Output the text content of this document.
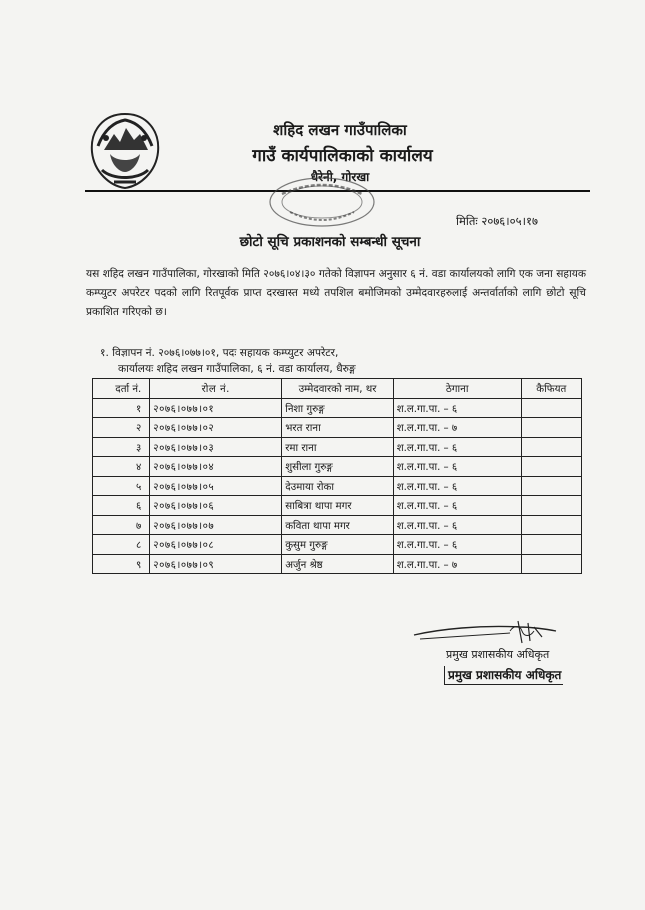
शहिद लखन गाउँपालिका
गाउँ कार्यपालिकाको कार्यालय
धैरेनी, गोरखा
मितिः २०७६।०५।१७
छोटो सूचि प्रकाशनको सम्बन्धी सूचना
यस शहिद लखन गाउँपालिका, गोरखाको मिति २०७६।०४।३० गतेको विज्ञापन अनुसार ६ नं. वडा कार्यालयको लागि एक जना सहायक कम्प्युटर अपरेटर पदको लागि रितपूर्वक प्राप्त दरखास्त मध्ये तपशिल बमोजिमको उम्मेदवारहरुलाई अन्तर्वार्ताको लागि छोटो सूचि प्रकाशित गरिएको छ।
१. विज्ञापन नं. २०७६।०७७।०१, पदः सहायक कम्प्युटर अपरेटर,
कार्यालयः शहिद लखन गाउँपालिका, ६ नं. वडा कार्यालय, धैरुङ्ग
दर्ता नं.	रोल नं.	उम्मेदवारको नाम, थर	ठेगाना	कैफियत
१	२०७६।०७७।०१	निशा गुरुङ्ग	श.ल.गा.पा. – ६	
२	२०७६।०७७।०२	भरत राना	श.ल.गा.पा. – ७	
३	२०७६।०७७।०३	रमा राना	श.ल.गा.पा. – ६	
४	२०७६।०७७।०४	शुसीला गुरुङ्ग	श.ल.गा.पा. – ६	
५	२०७६।०७७।०५	देउमाया रोका	श.ल.गा.पा. – ६	
६	२०७६।०७७।०६	साबित्रा थापा मगर	श.ल.गा.पा. – ६	
७	२०७६।०७७।०७	कविता थापा मगर	श.ल.गा.पा. – ६	
८	२०७६।०७७।०८	कुसुम गुरुङ्ग	श.ल.गा.पा. – ६	
९	२०७६।०७७।०९	अर्जुन श्रेष्ठ	श.ल.गा.पा. – ७	
प्रमुख प्रशासकीय अधिकृत
प्रमुख प्रशासकीय अधिकृत
